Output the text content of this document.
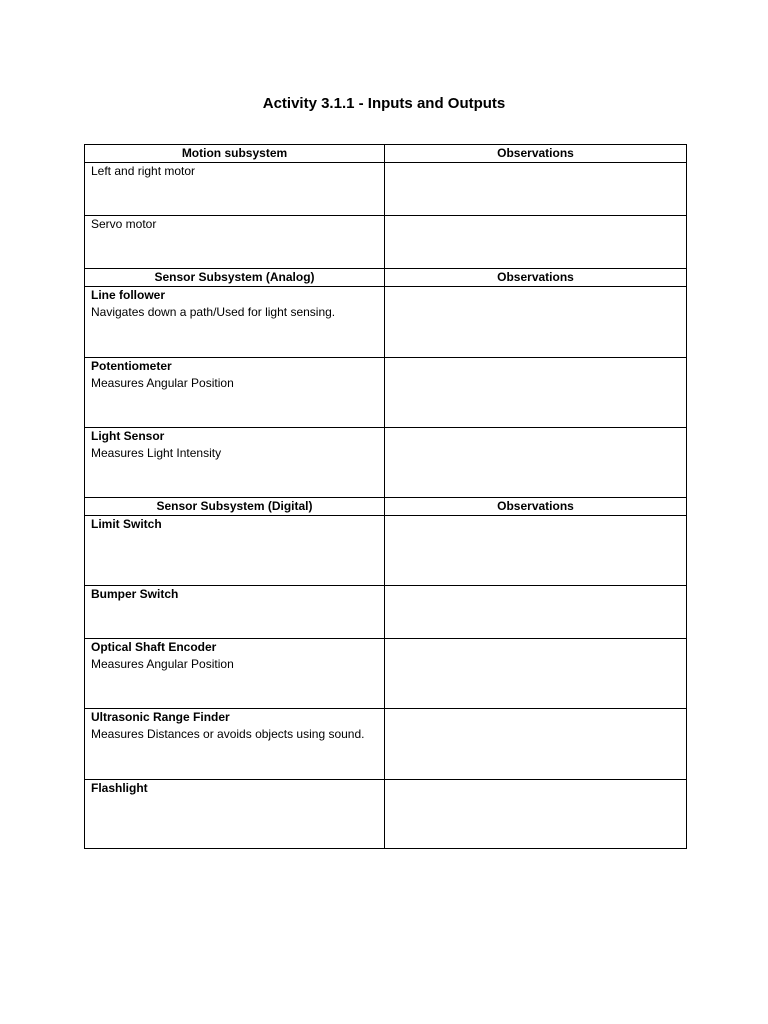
Activity 3.1.1 - Inputs and Outputs
Motion subsystem	Observations

Left and right motor	

Servo motor	

Sensor Subsystem (Analog)	Observations

Line follower
Navigates down a path/Used for light sensing.	

Potentiometer
Measures Angular Position	

Light Sensor
Measures Light Intensity	

Sensor Subsystem (Digital)	Observations

Limit Switch	

Bumper Switch	

Optical Shaft Encoder
Measures Angular Position	

Ultrasonic Range Finder
Measures Distances or avoids objects using sound.	

Flashlight	
